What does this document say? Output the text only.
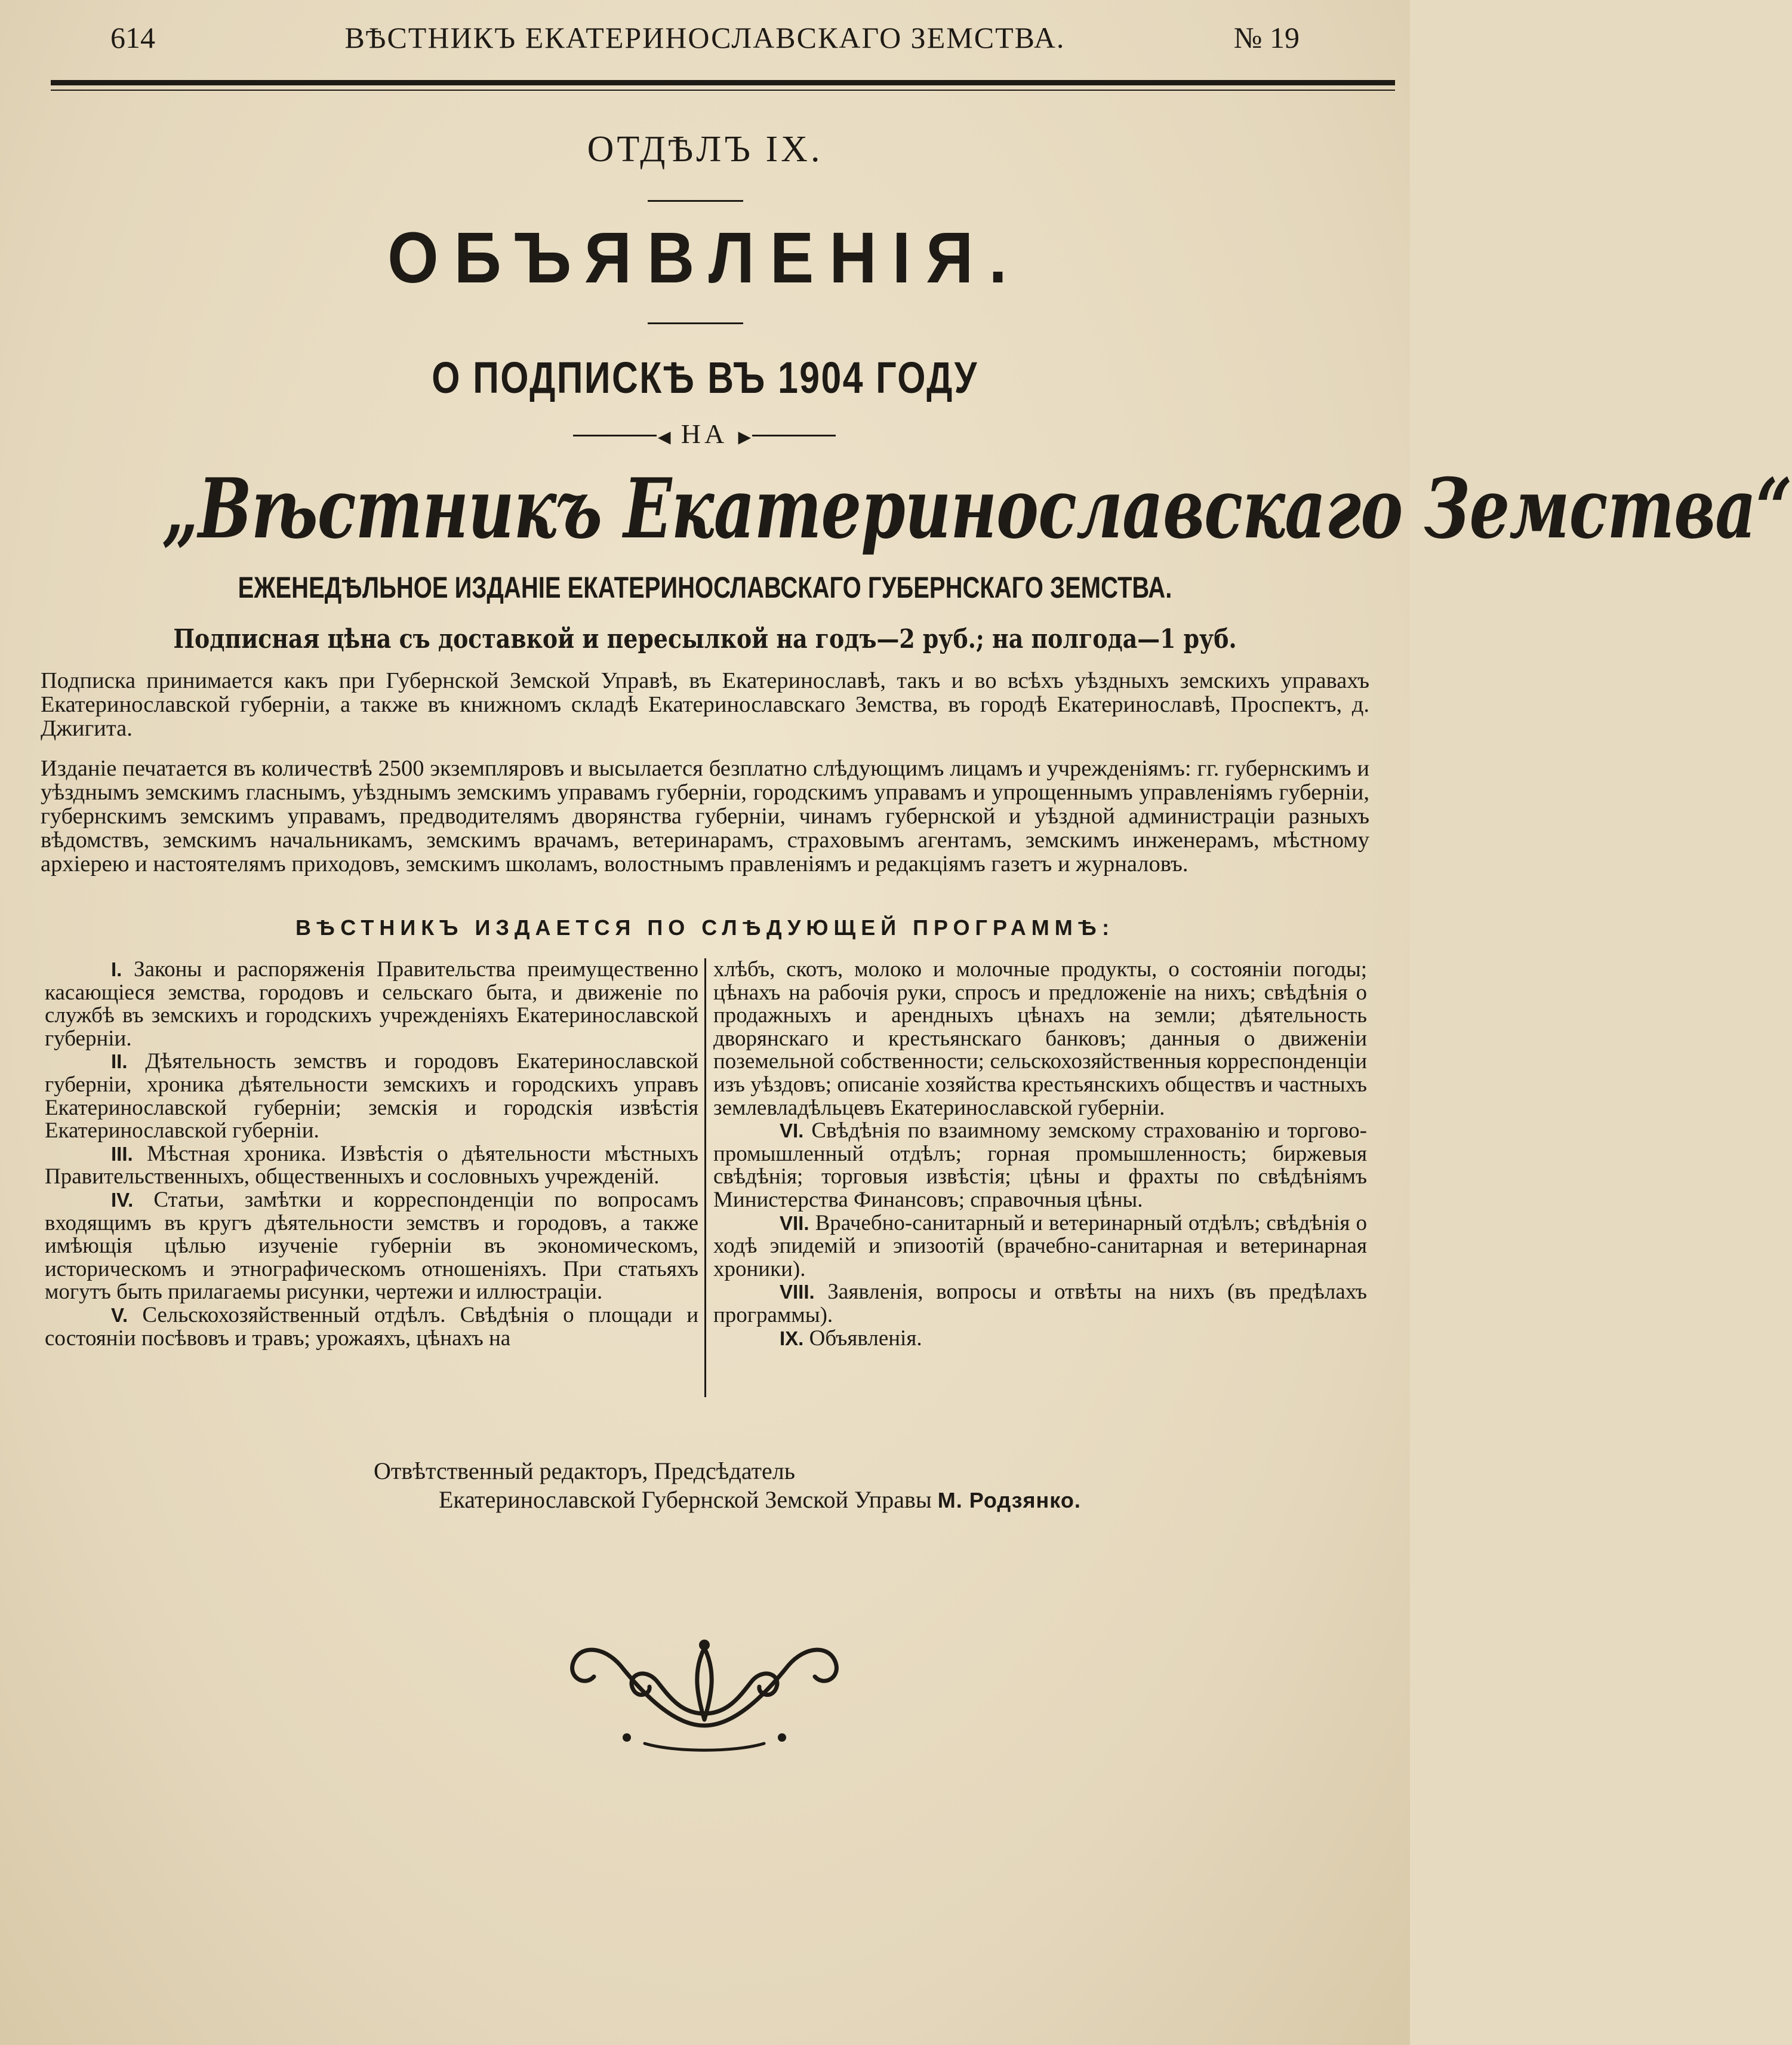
614	ВѢСТНИКЪ ЕКАТЕРИНОСЛАВСКАГО ЗЕМСТВА.	№ 19
ОТДѢЛЪ IX.
ОБЪЯВЛЕНІЯ.
О ПОДПИСКѢ ВЪ 1904 ГОДУ
◀ НА ▶
„Вѣстникъ Екатеринославскаго Земства“
ЕЖЕНЕДѢЛЬНОЕ ИЗДАНІЕ ЕКАТЕРИНОСЛАВСКАГО ГУБЕРНСКАГО ЗЕМСТВА.
Подписная цѣна съ доставкой и пересылкой на годъ—2 руб.; на полгода—1 руб.

Подписка принимается какъ при Губернской Земской Управѣ, въ Екатеринославѣ, такъ и во всѣхъ уѣздныхъ земскихъ управахъ Екатеринославской губерніи, а также въ книжномъ складѣ Екатеринославскаго Земства, въ городѣ Екатеринославѣ, Проспектъ, д. Джигита.

Изданіе печатается въ количествѣ 2500 экземпляровъ и высылается безплатно слѣдующимъ лицамъ и учрежденіямъ: гг. губернскимъ и уѣзднымъ земскимъ гласнымъ, уѣзднымъ земскимъ управамъ губерніи, городскимъ управамъ и упрощеннымъ управленіямъ губерніи, губернскимъ земскимъ управамъ, предводителямъ дворянства губерніи, чинамъ губернской и уѣздной администраціи разныхъ вѣдомствъ, земскимъ начальникамъ, земскимъ врачамъ, ветеринарамъ, страховымъ агентамъ, земскимъ инженерамъ, мѣстному архіерею и настоятелямъ приходовъ, земскимъ школамъ, волостнымъ правленіямъ и редакціямъ газетъ и журналовъ.

ВѢСТНИКЪ ИЗДАЕТСЯ ПО СЛѢДУЮЩЕЙ ПРОГРАММѢ:

   I. Законы и распоряженія Правительства преимущественно касающіеся земства, городовъ и сельскаго быта, и движеніе по службѣ въ земскихъ и городскихъ учрежденіяхъ Екатеринославской губерніи.

   II. Дѣятельность земствъ и городовъ Екатеринославской губерніи, хроника дѣятельности земскихъ и городскихъ управъ Екатеринославской губерніи; земскія и городскія извѣстія Екатеринославской губерніи.

   III. Мѣстная хроника. Извѣстія о дѣятельности мѣстныхъ Правительственныхъ, общественныхъ и сословныхъ учрежденій.

   IV. Статьи, замѣтки и корреспонденціи по вопросамъ входящимъ въ кругъ дѣятельности земствъ и городовъ, а также имѣющія цѣлью изученіе губерніи въ экономическомъ, историческомъ и этнографическомъ отношеніяхъ. При статьяхъ могутъ быть прилагаемы рисунки, чертежи и иллюстраціи.

   V. Сельскохозяйственный отдѣлъ. Свѣдѣнія о площади и состояніи посѣвовъ и травъ; урожаяхъ, цѣнахъ на

хлѣбъ, скотъ, молоко и молочные продукты, о состояніи погоды; цѣнахъ на рабочія руки, спросъ и предложеніе на нихъ; свѣдѣнія о продажныхъ и арендныхъ цѣнахъ на земли; дѣятельность дворянскаго и крестьянскаго банковъ; данныя о движеніи поземельной собственности; сельскохозяйственныя корреспонденціи изъ уѣздовъ; описаніе хозяйства крестьянскихъ обществъ и частныхъ землевладѣльцевъ Екатеринославской губерніи.

   VI. Свѣдѣнія по взаимному земскому страхованію и торгово-промышленный отдѣлъ; горная промышленность; биржевыя свѣдѣнія; торговыя извѣстія; цѣны и фрахты по свѣдѣніямъ Министерства Финансовъ; справочныя цѣны.

   VII. Врачебно-санитарный и ветеринарный отдѣлъ; свѣдѣнія о ходѣ эпидемій и эпизоотій (врачебно-санитарная и ветеринарная хроники).

   VIII. Заявленія, вопросы и отвѣты на нихъ (въ предѣлахъ программы).

   IX. Объявленія.

Отвѣтственный редакторъ, Предсѣдатель
Екатеринославской Губернской Земской Управы М. Родзянко.
